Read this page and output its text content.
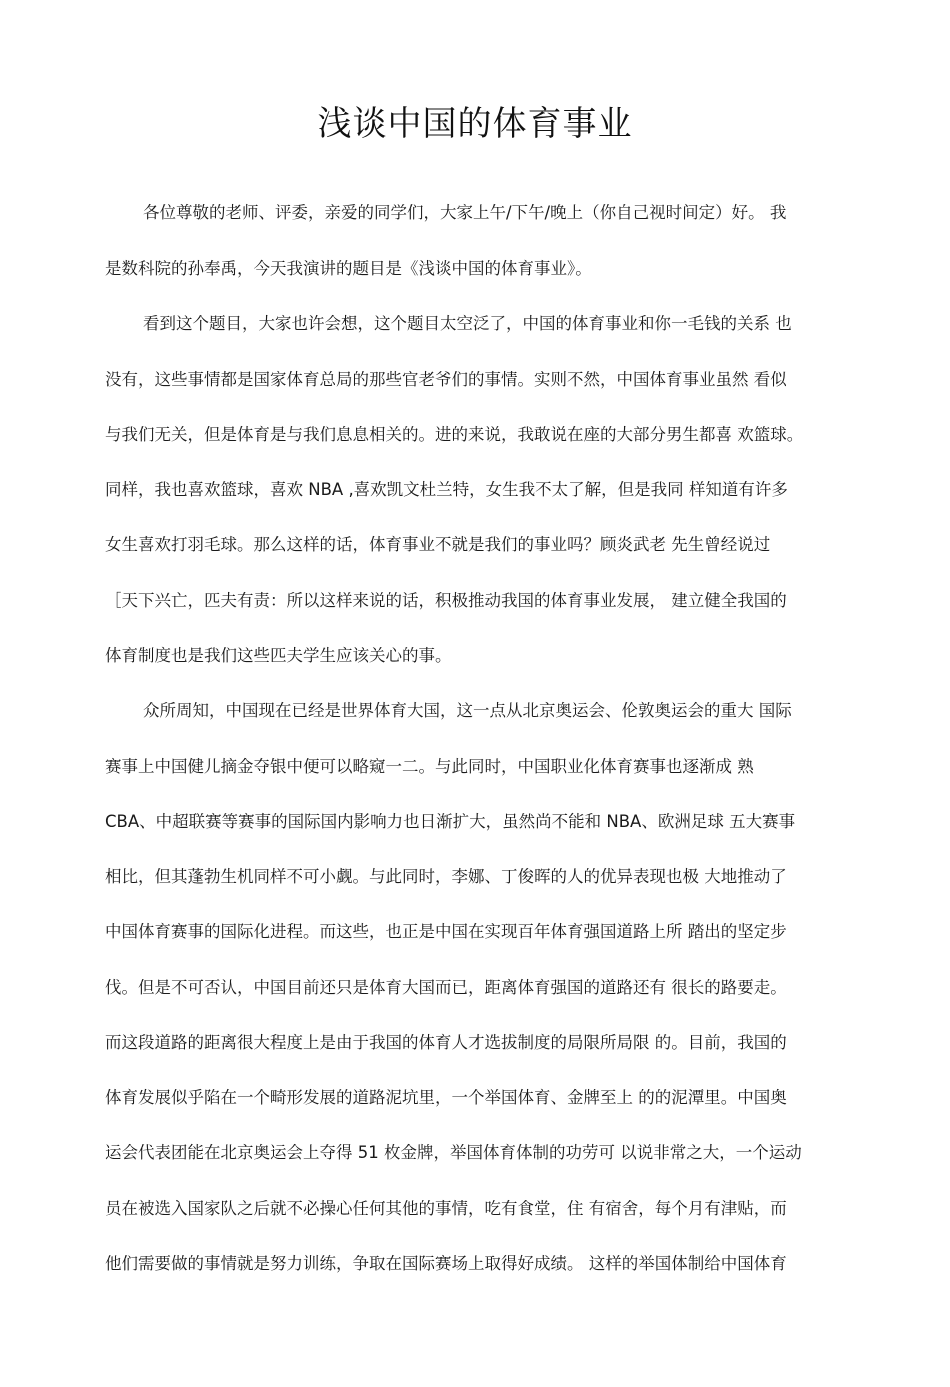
浅谈中国的体育事业
各位尊敬的老师、评委，亲爱的同学们，大家上午/下午/晚上（你自己视时间定）好。 我
是数科院的孙奉禹，今天我演讲的题目是《浅谈中国的体育事业》。
看到这个题目，大家也许会想，这个题目太空泛了，中国的体育事业和你一毛钱的关系 也
没有，这些事情都是国家体育总局的那些官老爷们的事情。实则不然，中国体育事业虽然 看似
与我们无关，但是体育是与我们息息相关的。进的来说，我敢说在座的大部分男生都喜 欢篮球。
同样，我也喜欢篮球，喜欢 NBA ,喜欢凯文杜兰特，女生我不太了解，但是我同 样知道有许多
女生喜欢打羽毛球。那么这样的话，体育事业不就是我们的事业吗？顾炎武老 先生曾经说过
［天下兴亡，匹夫有责：所以这样来说的话，积极推动我国的体育事业发展， 建立健全我国的
体育制度也是我们这些匹夫学生应该关心的事。
众所周知，中国现在已经是世界体育大国，这一点从北京奥运会、伦敦奥运会的重大 国际
赛事上中国健儿摘金夺银中便可以略窥一二。与此同时，中国职业化体育赛事也逐渐成 熟
CBA、中超联赛等赛事的国际国内影响力也日渐扩大，虽然尚不能和 NBA、欧洲足球 五大赛事
相比，但其蓬勃生机同样不可小觑。与此同时，李娜、丁俊晖的人的优异表现也极 大地推动了
中国体育赛事的国际化进程。而这些，也正是中国在实现百年体育强国道路上所 踏出的坚定步
伐。但是不可否认，中国目前还只是体育大国而已，距离体育强国的道路还有 很长的路要走。
而这段道路的距离很大程度上是由于我国的体育人才选拔制度的局限所局限 的。目前，我国的
体育发展似乎陷在一个畸形发展的道路泥坑里，一个举国体育、金牌至上 的的泥潭里。中国奥
运会代表团能在北京奥运会上夺得 51 枚金牌，举国体育体制的功劳可 以说非常之大，一个运动
员在被选入国家队之后就不必操心任何其他的事情，吃有食堂，住 有宿舍，每个月有津贴，而
他们需要做的事情就是努力训练，争取在国际赛场上取得好成绩。 这样的举国体制给中国体育
